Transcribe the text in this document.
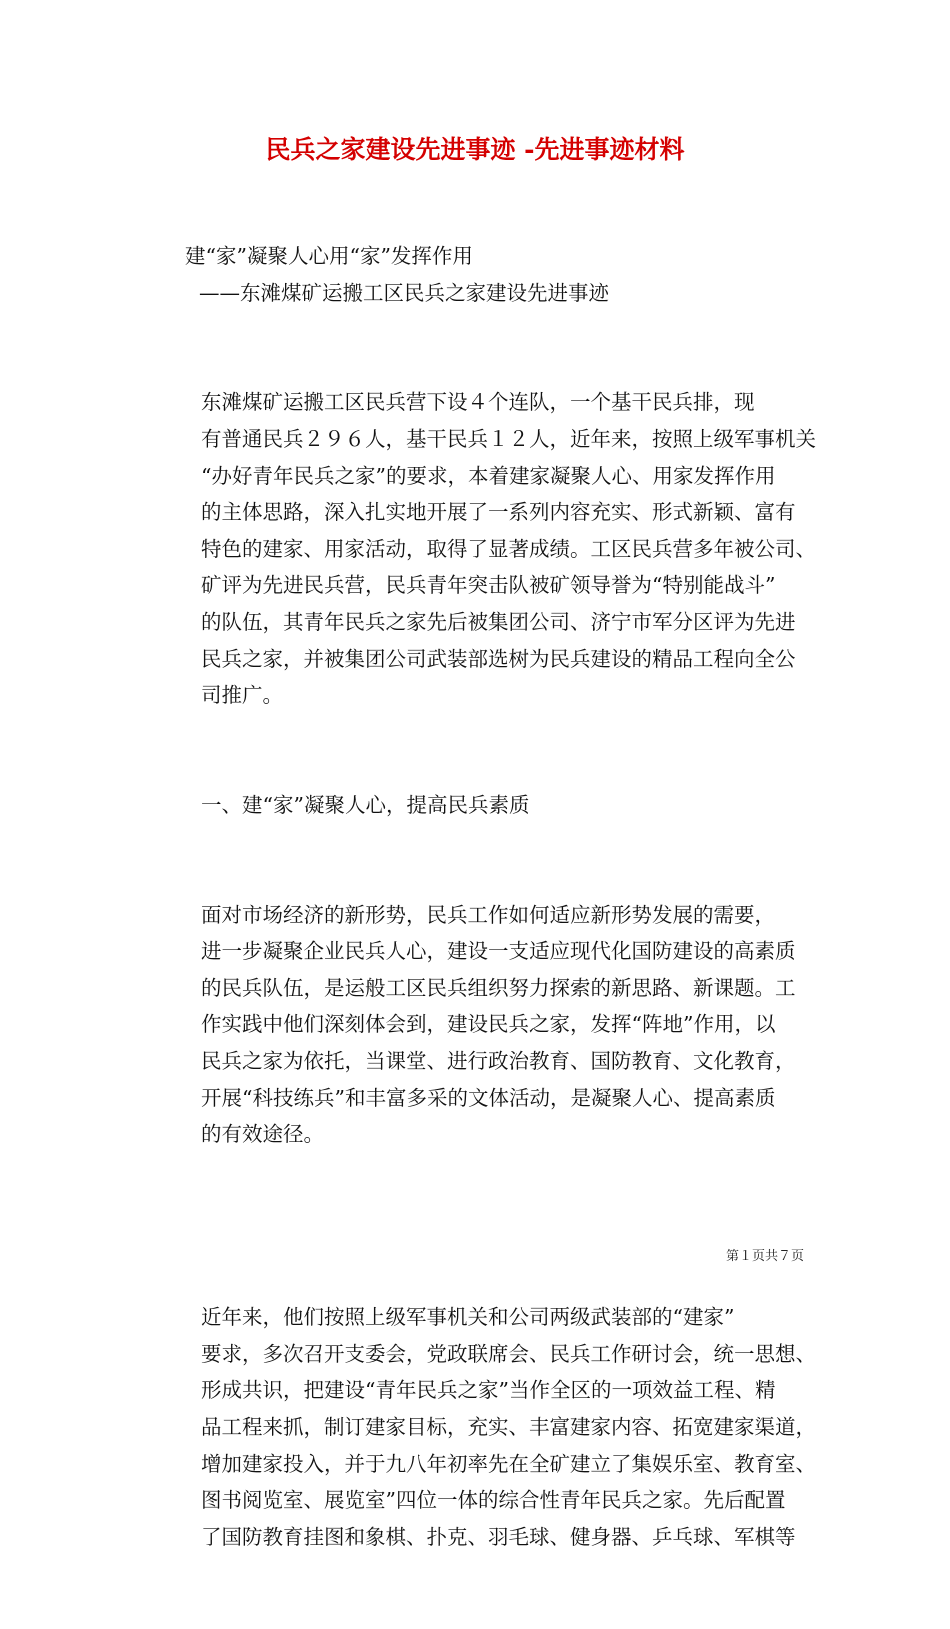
民兵之家建设先进事迹 -先进事迹材料

建“家”凝聚人心用“家”发挥作用

——东滩煤矿运搬工区民兵之家建设先进事迹

东滩煤矿运搬工区民兵营下设４个连队，一个基干民兵排，现
有普通民兵２９６人，基干民兵１２人，近年来，按照上级军事机关
“办好青年民兵之家”的要求，本着建家凝聚人心、用家发挥作用
的主体思路，深入扎实地开展了一系列内容充实、形式新颖、富有
特色的建家、用家活动，取得了显著成绩。工区民兵营多年被公司、
矿评为先进民兵营，民兵青年突击队被矿领导誉为“特别能战斗”
的队伍，其青年民兵之家先后被集团公司、济宁市军分区评为先进
民兵之家，并被集团公司武装部选树为民兵建设的精品工程向全公
司推广。

一、建“家”凝聚人心，提高民兵素质

面对市场经济的新形势，民兵工作如何适应新形势发展的需要，
进一步凝聚企业民兵人心，建设一支适应现代化国防建设的高素质
的民兵队伍，是运般工区民兵组织努力探索的新思路、新课题。工
作实践中他们深刻体会到，建设民兵之家，发挥“阵地”作用，以
民兵之家为依托，当课堂、进行政治教育、国防教育、文化教育，
开展“科技练兵”和丰富多采的文体活动，是凝聚人心、提高素质
的有效途径。

近年来，他们按照上级军事机关和公司两级武装部的“建家”
要求，多次召开支委会，党政联席会、民兵工作研讨会，统一思想、
形成共识，把建设“青年民兵之家”当作全区的一项效益工程、精
品工程来抓，制订建家目标，充实、丰富建家内容、拓宽建家渠道，
增加建家投入，并于九八年初率先在全矿建立了集娱乐室、教育室、
图书阅览室、展览室”四位一体的综合性青年民兵之家。先后配置
了国防教育挂图和象棋、扑克、羽毛球、健身器、乒乓球、军棋等

第１页共７页
